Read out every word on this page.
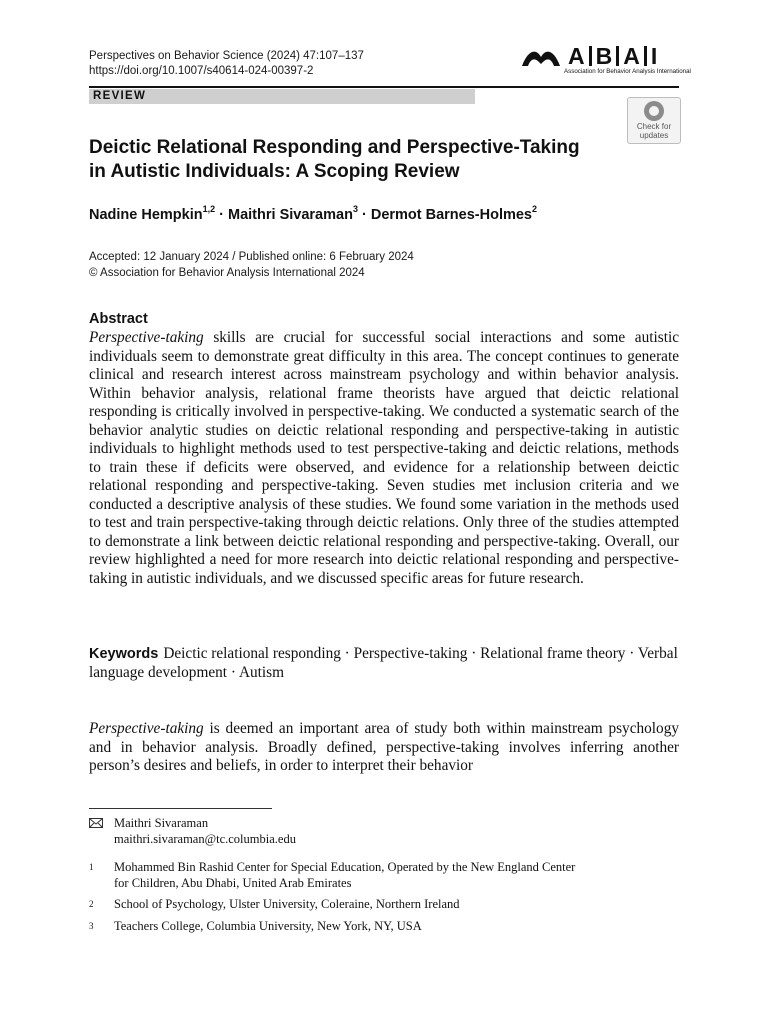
Perspectives on Behavior Science (2024) 47:107–137
https://doi.org/10.1007/s40614-024-00397-2
A B A I
Association for Behavior Analysis International
REVIEW
Check for
updates
Deictic Relational Responding and Perspective-Taking
in Autistic Individuals: A Scoping Review
Nadine Hempkin$^{1,2}$ · Maithri Sivaraman$^3$ · Dermot Barnes-Holmes$^2$
Accepted: 12 January 2024 / Published online: 6 February 2024
© Association for Behavior Analysis International 2024
Abstract

Perspective-taking skills are crucial for successful social interactions and some autistic individuals seem to demonstrate great difficulty in this area. The concept continues to generate clinical and research interest across mainstream psychology and within behavior analysis. Within behavior analysis, relational frame theorists have argued that deictic relational responding is critically involved in perspective-taking. We conducted a systematic search of the behavior analytic studies on deictic relational responding and perspective-taking in autistic individuals to highlight methods used to test perspective-taking and deictic relations, methods to train these if deficits were observed, and evidence for a relationship between deictic relational responding and perspective-taking. Seven studies met inclusion criteria and we conducted a descriptive analysis of these studies. We found some variation in the methods used to test and train perspective-taking through deictic relations. Only three of the studies attempted to demonstrate a link between deictic relational responding and perspective-taking. Overall, our review highlighted a need for more research into deictic relational responding and perspective-taking in autistic individuals, and we discussed specific areas for future research.

Keywords Deictic relational responding · Perspective-taking · Relational frame theory · Verbal language development · Autism

Perspective-taking is deemed an important area of study both within mainstream psychology and in behavior analysis. Broadly defined, perspective-taking involves inferring another person’s desires and beliefs, in order to interpret their behavior

Maithri Sivaraman
maithri.sivaraman@tc.columbia.edu
1	Mohammed Bin Rashid Center for Special Education, Operated by the New England Center
for Children, Abu Dhabi, United Arab Emirates
2	School of Psychology, Ulster University, Coleraine, Northern Ireland
3	Teachers College, Columbia University, New York, NY, USA
